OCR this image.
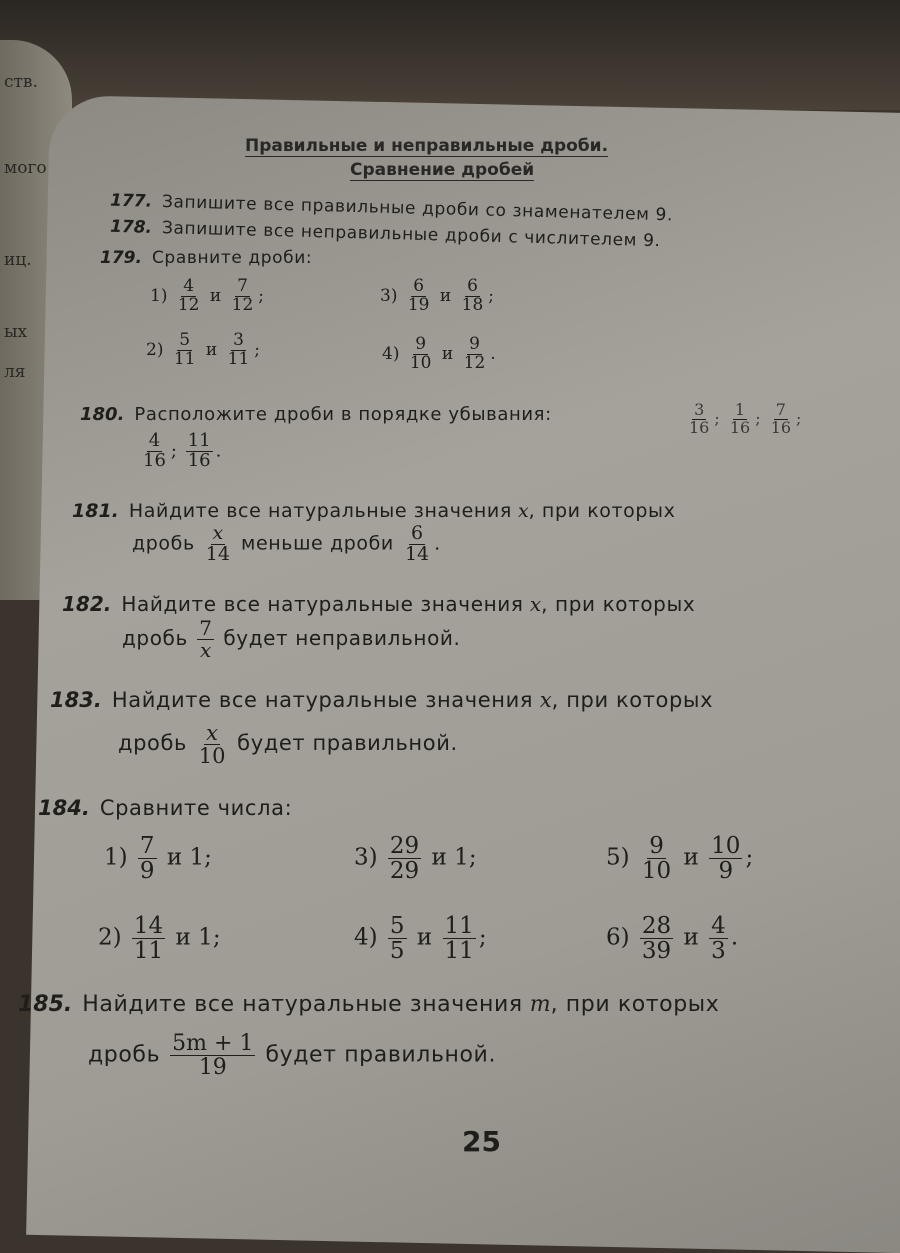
ств.
могo
иц.
ых
ля
Правильные и неправильные дроби.
Сравнение дробей
177. Запишите все правильные дроби со знаменателем 9.
178. Запишите все неправильные дроби с числителем 9.
179. Сравните дроби:
$1) \frac{4}{12}$ и $\frac{7}{12}$ ;	$3) \frac{6}{19}$ и $\frac{6}{18}$ ;
$2) \frac{5}{11}$ и $\frac{3}{11}$ ;	$4) \frac{9}{10}$ и $\frac{9}{12}$ .
180. Расположите дроби в порядке убывания:	$\frac{3}{16}$ ; $\frac{1}{16}$ ; $\frac{7}{16}$ ;
$\frac{4}{16}$ ; $\frac{11}{16}$ .
181. Найдите все натуральные значения x, при которых
дробь $\frac{x}{14}$ меньше дроби $\frac{6}{14}$ .
182. Найдите все натуральные значения x, при которых
дробь $\frac{7}{x}$ будет неправильной.
183. Найдите все натуральные значения x, при которых
дробь $\frac{x}{10}$ будет правильной.
184. Сравните числа:
$1) \frac{7}{9}$ и 1;	$3) \frac{29}{29}$ и 1;	$5) \frac{9}{10}$ и $\frac{10}{9}$ ;
$2) \frac{14}{11}$ и 1;	$4) \frac{5}{5}$ и $\frac{11}{11}$ ;	$6) \frac{28}{39}$ и $\frac{4}{3}$ .
185. Найдите все натуральные значения m, при которых
дробь $\frac{5m + 1}{19}$ будет правильной.
25
